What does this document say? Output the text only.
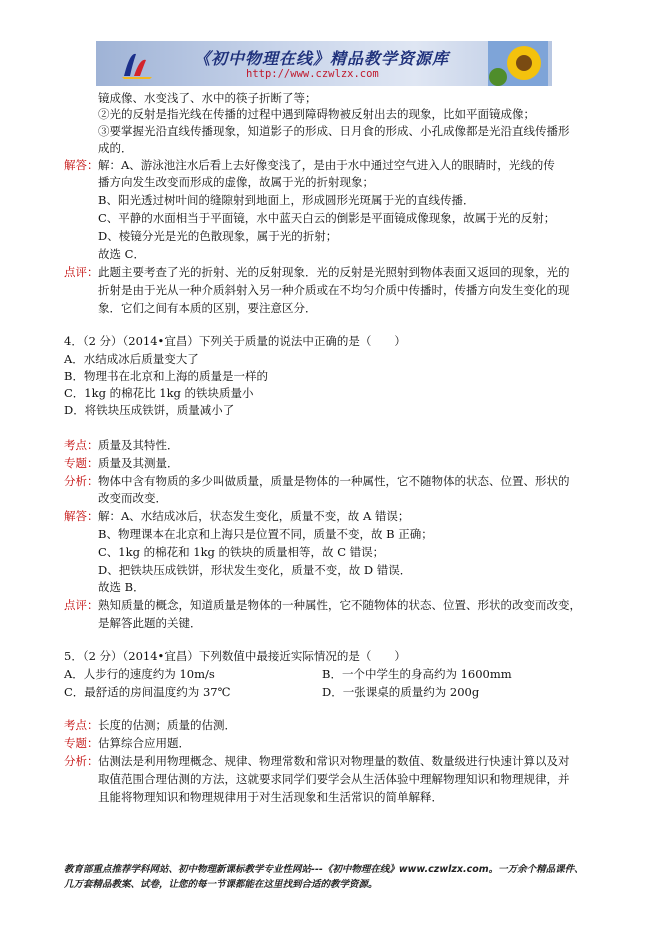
《初中物理在线》精品教学资源库
http://www.czwlzx.com
镜成像、水变浅了、水中的筷子折断了等；
②光的反射是指光线在传播的过程中遇到障碍物被反射出去的现象，比如平面镜成像；
③要掌握光沿直线传播现象，知道影子的形成、日月食的形成、小孔成像都是光沿直线传播形
成的．
解答： 解：A、游泳池注水后看上去好像变浅了，是由于水中通过空气进入人的眼睛时，光线的传
播方向发生改变而形成的虚像，故属于光的折射现象；
B、阳光透过树叶间的缝隙射到地面上，形成圆形光斑属于光的直线传播．
C、平静的水面相当于平面镜，水中蓝天白云的倒影是平面镜成像现象，故属于光的反射；
D、棱镜分光是光的色散现象，属于光的折射；
故选 C．
点评： 此题主要考查了光的折射、光的反射现象．光的反射是光照射到物体表面又返回的现象，光的
折射是由于光从一种介质斜射入另一种介质或在不均匀介质中传播时，传播方向发生变化的现
象．它们之间有本质的区别，要注意区分．
4．（2 分）（2014•宜昌）下列关于质量的说法中正确的是（　　）
A．水结成冰后质量变大了
B．物理书在北京和上海的质量是一样的
C．1kg 的棉花比 1kg 的铁块质量小
D．将铁块压成铁饼，质量减小了
考点： 质量及其特性．
专题： 质量及其测量．
分析： 物体中含有物质的多少叫做质量，质量是物体的一种属性，它不随物体的状态、位置、形状的
改变而改变．
解答： 解：A、水结成冰后，状态发生变化，质量不变，故 A 错误；
B、物理课本在北京和上海只是位置不同，质量不变，故 B 正确；
C、1kg 的棉花和 1kg 的铁块的质量相等，故 C 错误；
D、把铁块压成铁饼，形状发生变化，质量不变，故 D 错误．
故选 B．
点评： 熟知质量的概念，知道质量是物体的一种属性，它不随物体的状态、位置、形状的改变而改变，
是解答此题的关键．
5．（2 分）（2014•宜昌）下列数值中最接近实际情况的是（　　）
A．人步行的速度约为 10m/s	B．一个中学生的身高约为 1600mm
C．最舒适的房间温度约为 37℃	D．一张课桌的质量约为 200g
考点： 长度的估测；质量的估测．
专题： 估算综合应用题．
分析： 估测法是利用物理概念、规律、物理常数和常识对物理量的数值、数量级进行快速计算以及对
取值范围合理估测的方法，这就要求同学们要学会从生活体验中理解物理知识和物理规律，并
且能将物理知识和物理规律用于对生活现象和生活常识的简单解释．
教育部重点推荐学科网站、初中物理新课标教学专业性网站---《初中物理在线》www.czwlzx.com。一万余个精品课件、
几万套精品教案、试卷，让您的每一节课都能在这里找到合适的教学资源。
